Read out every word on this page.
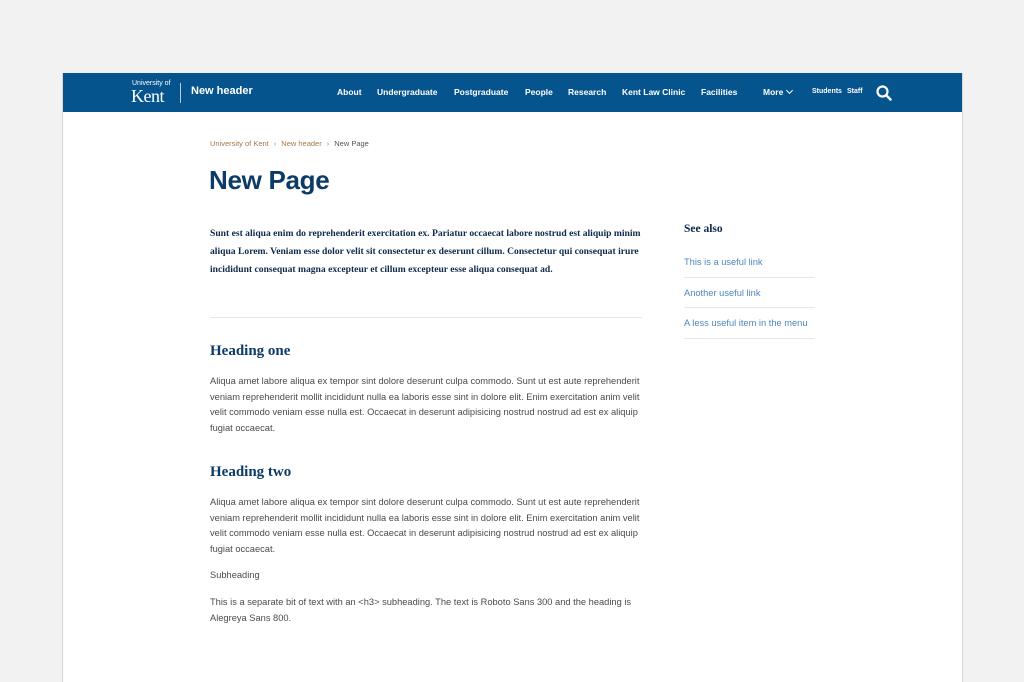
University of
Kent New header	About Undergraduate Postgraduate People Research Kent Law Clinic Facilities	More	Students Staff
University of Kent › New header › New Page
New Page

Sunt est aliqua enim do reprehenderit exercitation ex. Pariatur occaecat labore nostrud est aliquip minim aliqua Lorem. Veniam esse dolor velit sit consectetur ex deserunt cillum. Consectetur qui consequat irure incididunt consequat magna excepteur et cillum excepteur esse aliqua consequat ad.

Heading one

Aliqua amet labore aliqua ex tempor sint dolore deserunt culpa commodo. Sunt ut est aute reprehenderit veniam reprehenderit mollit incididunt nulla ea laboris esse sint in dolore elit. Enim exercitation anim velit velit commodo veniam esse nulla est. Occaecat in deserunt adipisicing nostrud nostrud ad est ex aliquip fugiat occaecat.

Heading two

Aliqua amet labore aliqua ex tempor sint dolore deserunt culpa commodo. Sunt ut est aute reprehenderit veniam reprehenderit mollit incididunt nulla ea laboris esse sint in dolore elit. Enim exercitation anim velit velit commodo veniam esse nulla est. Occaecat in deserunt adipisicing nostrud nostrud ad est ex aliquip fugiat occaecat.

Subheading

This is a separate bit of text with an <h3> subheading. The text is Roboto Sans 300 and the heading is Alegreya Sans 800.

See also
This is a useful link
Another useful link
A less useful item in the menu
